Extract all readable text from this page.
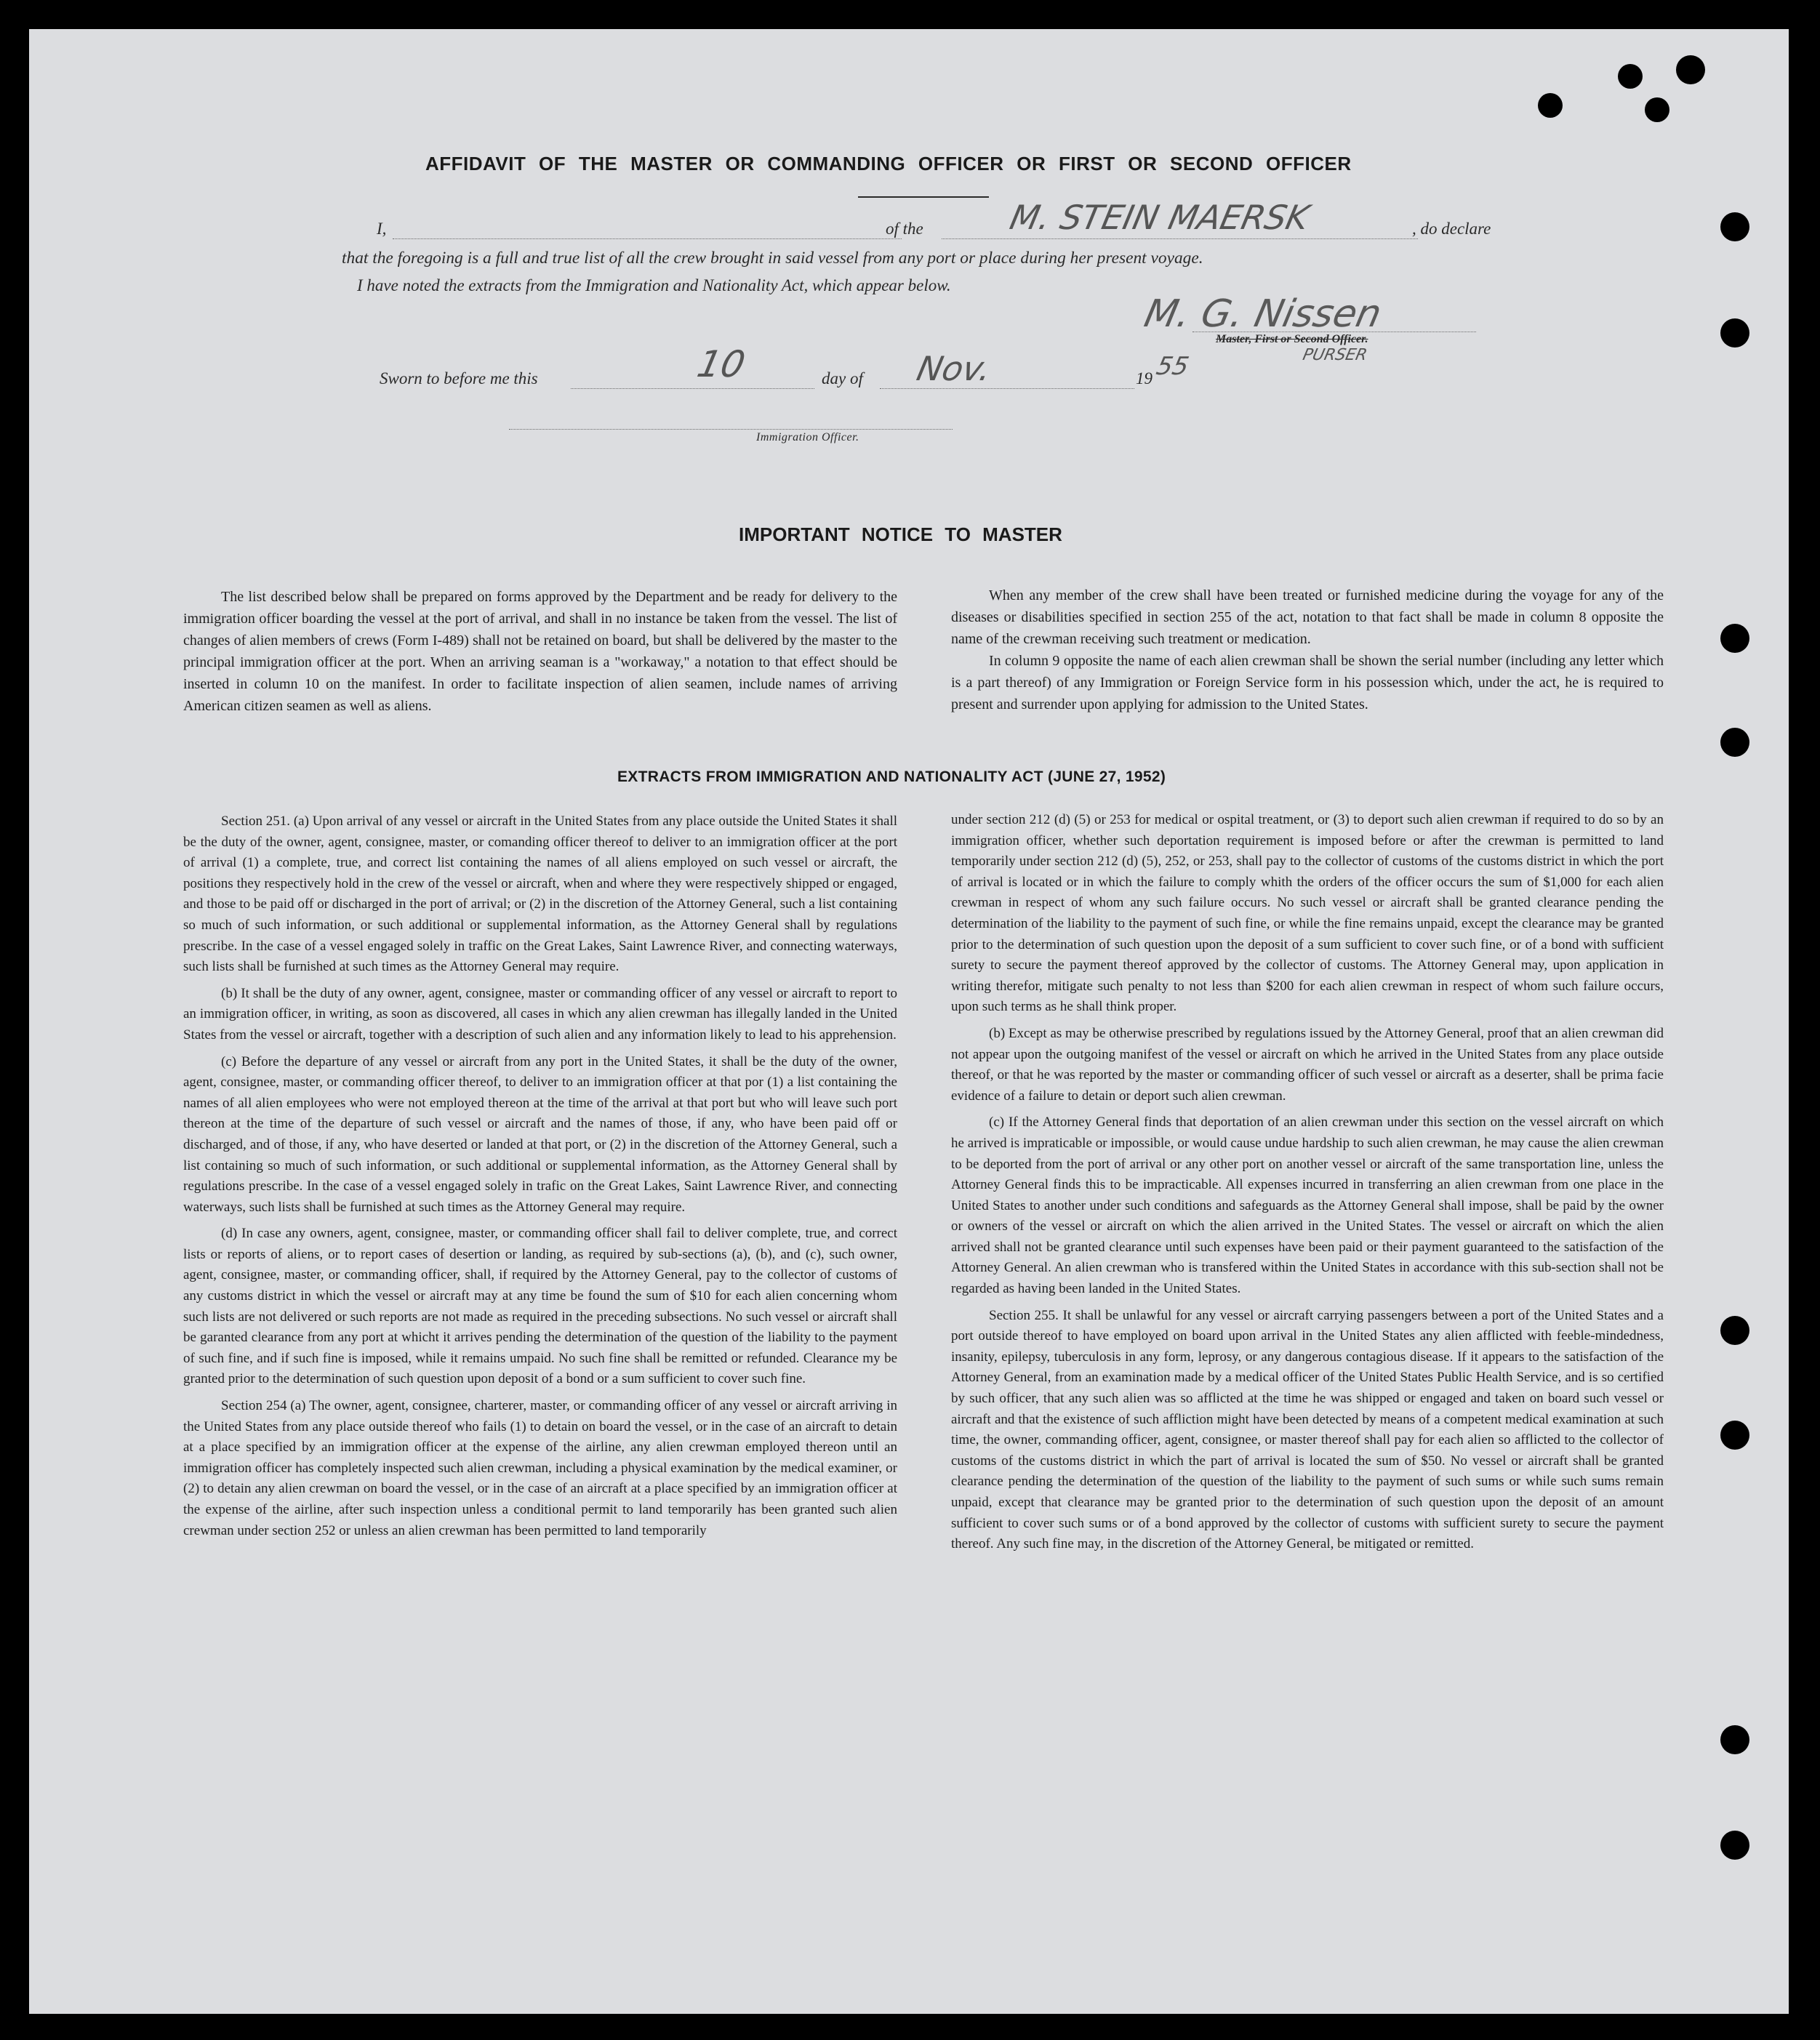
AFFIDAVIT OF THE MASTER OR COMMANDING OFFICER OR FIRST OR SECOND OFFICER
I,	of the M. STEIN MAERSK	, do declare
that the foregoing is a full and true list of all the crew brought in said vessel from any port or place during her present voyage.
I have noted the extracts from the Immigration and Nationality Act, which appear below.
M. G. Nissen
Master, First or Second Officer.
PURSER
Sworn to before me this	10	day of Nov.	19 55
Immigration Officer.
IMPORTANT NOTICE TO MASTER

The list described below shall be prepared on forms approved by the Department and be ready for delivery to the immigration officer boarding the vessel at the port of arrival, and shall in no instance be taken from the vessel. The list of changes of alien members of crews (Form I-489) shall not be retained on board, but shall be delivered by the master to the principal immigration officer at the port. When an arriving seaman is a "workaway," a notation to that effect should be inserted in column 10 on the manifest. In order to facilitate inspection of alien seamen, include names of arriving American citizen seamen as well as aliens.

When any member of the crew shall have been treated or furnished medicine during the voyage for any of the diseases or disabilities specified in section 255 of the act, notation to that fact shall be made in column 8 opposite the name of the crewman receiving such treatment or medication.

In column 9 opposite the name of each alien crewman shall be shown the serial number (including any letter which is a part thereof) of any Immigration or Foreign Service form in his possession which, under the act, he is required to present and surrender upon applying for admission to the United States.

EXTRACTS FROM IMMIGRATION AND NATIONALITY ACT (JUNE 27, 1952)

Section 251. (a) Upon arrival of any vessel or aircraft in the United States from any place outside the United States it shall be the duty of the owner, agent, consignee, master, or comanding officer thereof to deliver to an immigration officer at the port of arrival (1) a complete, true, and correct list containing the names of all aliens employed on such vessel or aircraft, the positions they respectively hold in the crew of the vessel or aircraft, when and where they were respectively shipped or engaged, and those to be paid off or discharged in the port of arrival; or (2) in the discretion of the Attorney General, such a list containing so much of such information, or such additional or supplemental information, as the Attorney General shall by regulations prescribe. In the case of a vessel engaged solely in traffic on the Great Lakes, Saint Lawrence River, and connecting waterways, such lists shall be furnished at such times as the Attorney General may require.

(b) It shall be the duty of any owner, agent, consignee, master or commanding officer of any vessel or aircraft to report to an immigration officer, in writing, as soon as discovered, all cases in which any alien crewman has illegally landed in the United States from the vessel or aircraft, together with a description of such alien and any information likely to lead to his apprehension.

(c) Before the departure of any vessel or aircraft from any port in the United States, it shall be the duty of the owner, agent, consignee, master, or commanding officer thereof, to deliver to an immigration officer at that por (1) a list containing the names of all alien employees who were not employed thereon at the time of the arrival at that port but who will leave such port thereon at the time of the departure of such vessel or aircraft and the names of those, if any, who have been paid off or discharged, and of those, if any, who have deserted or landed at that port, or (2) in the discretion of the Attorney General, such a list containing so much of such information, or such additional or supplemental information, as the Attorney General shall by regulations prescribe. In the case of a vessel engaged solely in trafic on the Great Lakes, Saint Lawrence River, and connecting waterways, such lists shall be furnished at such times as the Attorney General may require.

(d) In case any owners, agent, consignee, master, or commanding officer shall fail to deliver complete, true, and correct lists or reports of aliens, or to report cases of desertion or landing, as required by sub-sections (a), (b), and (c), such owner, agent, consignee, master, or commanding officer, shall, if required by the Attorney General, pay to the collector of customs of any customs district in which the vessel or aircraft may at any time be found the sum of $10 for each alien concerning whom such lists are not delivered or such reports are not made as required in the preceding subsections. No such vessel or aircraft shall be garanted clearance from any port at whicht it arrives pending the determination of the question of the liability to the payment of such fine, and if such fine is imposed, while it remains umpaid. No such fine shall be remitted or refunded. Clearance my be granted prior to the determination of such question upon deposit of a bond or a sum sufficient to cover such fine.

Section 254 (a) The owner, agent, consignee, charterer, master, or commanding officer of any vessel or aircraft arriving in the United States from any place outside thereof who fails (1) to detain on board the vessel, or in the case of an aircraft to detain at a place specified by an immigration officer at the expense of the airline, any alien crewman employed thereon until an immigration officer has completely inspected such alien crewman, including a physical examination by the medical examiner, or (2) to detain any alien crewman on board the vessel, or in the case of an aircraft at a place specified by an immigration officer at the expense of the airline, after such inspection unless a conditional permit to land temporarily has been granted such alien crewman under section 252 or unless an alien crewman has been permitted to land temporarily

under section 212 (d) (5) or 253 for medical or ospital treatment, or (3) to deport such alien crewman if required to do so by an immigration officer, whether such deportation requirement is imposed before or after the crewman is permitted to land temporarily under section 212 (d) (5), 252, or 253, shall pay to the collector of customs of the customs district in which the port of arrival is located or in which the failure to comply whith the orders of the officer occurs the sum of $1,000 for each alien crewman in respect of whom any such failure occurs. No such vessel or aircraft shall be granted clearance pending the determination of the liability to the payment of such fine, or while the fine remains unpaid, except the clearance may be granted prior to the determination of such question upon the deposit of a sum sufficient to cover such fine, or of a bond with sufficient surety to secure the payment thereof approved by the collector of customs. The Attorney General may, upon application in writing therefor, mitigate such penalty to not less than $200 for each alien crewman in respect of whom such failure occurs, upon such terms as he shall think proper.

(b) Except as may be otherwise prescribed by regulations issued by the Attorney General, proof that an alien crewman did not appear upon the outgoing manifest of the vessel or aircraft on which he arrived in the United States from any place outside thereof, or that he was reported by the master or commanding officer of such vessel or aircraft as a deserter, shall be prima facie evidence of a failure to detain or deport such alien crewman.

(c) If the Attorney General finds that deportation of an alien crewman under this section on the vessel aircraft on which he arrived is impraticable or impossible, or would cause undue hardship to such alien crewman, he may cause the alien crewman to be deported from the port of arrival or any other port on another vessel or aircraft of the same transportation line, unless the Attorney General finds this to be impracticable. All expenses incurred in transferring an alien crewman from one place in the United States to another under such conditions and safeguards as the Attorney General shall impose, shall be paid by the owner or owners of the vessel or aircraft on which the alien arrived in the United States. The vessel or aircraft on which the alien arrived shall not be granted clearance until such expenses have been paid or their payment guaranteed to the satisfaction of the Attorney General. An alien crewman who is transfered within the United States in accordance with this sub-section shall not be regarded as having been landed in the United States.

Section 255. It shall be unlawful for any vessel or aircraft carrying passengers between a port of the United States and a port outside thereof to have employed on board upon arrival in the United States any alien afflicted with feeble-mindedness, insanity, epilepsy, tuberculosis in any form, leprosy, or any dangerous contagious disease. If it appears to the satisfaction of the Attorney General, from an examination made by a medical officer of the United States Public Health Service, and is so certified by such officer, that any such alien was so afflicted at the time he was shipped or engaged and taken on board such vessel or aircraft and that the existence of such affliction might have been detected by means of a competent medical examination at such time, the owner, commanding officer, agent, consignee, or master thereof shall pay for each alien so afflicted to the collector of customs of the customs district in which the part of arrival is located the sum of $50. No vessel or aircraft shall be granted clearance pending the determination of the question of the liability to the payment of such sums or while such sums remain unpaid, except that clearance may be granted prior to the determination of such question upon the deposit of an amount sufficient to cover such sums or of a bond approved by the collector of customs with sufficient surety to secure the payment thereof. Any such fine may, in the discretion of the Attorney General, be mitigated or remitted.
